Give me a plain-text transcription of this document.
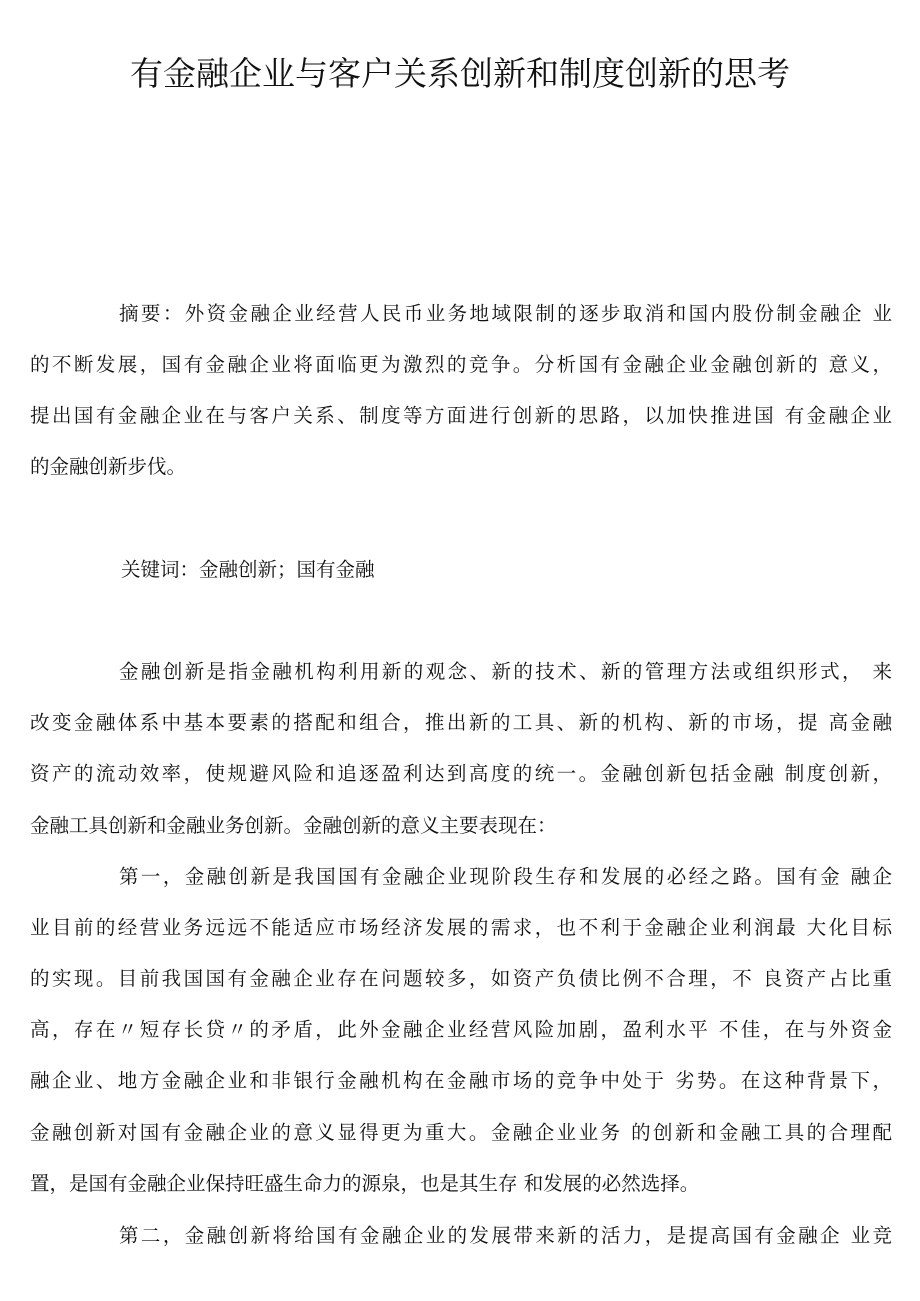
有金融企业与客户关系创新和制度创新的思考

摘要：外资金融企业经营人民币业务地域限制的逐步取消和国内股份制金融企 业

的不断发展，国有金融企业将面临更为激烈的竞争。分析国有金融企业金融创新的 意义，

提出国有金融企业在与客户关系、制度等方面进行创新的思路，以加快推进国 有金融企业

的金融创新步伐。

关键词：金融创新；国有金融

金融创新是指金融机构利用新的观念、新的技术、新的管理方法或组织形式， 来

改变金融体系中基本要素的搭配和组合，推出新的工具、新的机构、新的市场，提 高金融

资产的流动效率，使规避风险和追逐盈利达到高度的统一。金融创新包括金融 制度创新，

金融工具创新和金融业务创新。金融创新的意义主要表现在：

第一，金融创新是我国国有金融企业现阶段生存和发展的必经之路。国有金 融企

业目前的经营业务远远不能适应市场经济发展的需求，也不利于金融企业利润最 大化目标

的实现。目前我国国有金融企业存在问题较多，如资产负债比例不合理，不 良资产占比重

高，存在〃短存长贷〃的矛盾，此外金融企业经营风险加剧，盈利水平 不佳，在与外资金

融企业、地方金融企业和非银行金融机构在金融市场的竞争中处于 劣势。在这种背景下，

金融创新对国有金融企业的意义显得更为重大。金融企业业务 的创新和金融工具的合理配

置，是国有金融企业保持旺盛生命力的源泉，也是其生存 和发展的必然选择。

第二，金融创新将给国有金融企业的发展带来新的活力，是提高国有金融企 业竞
